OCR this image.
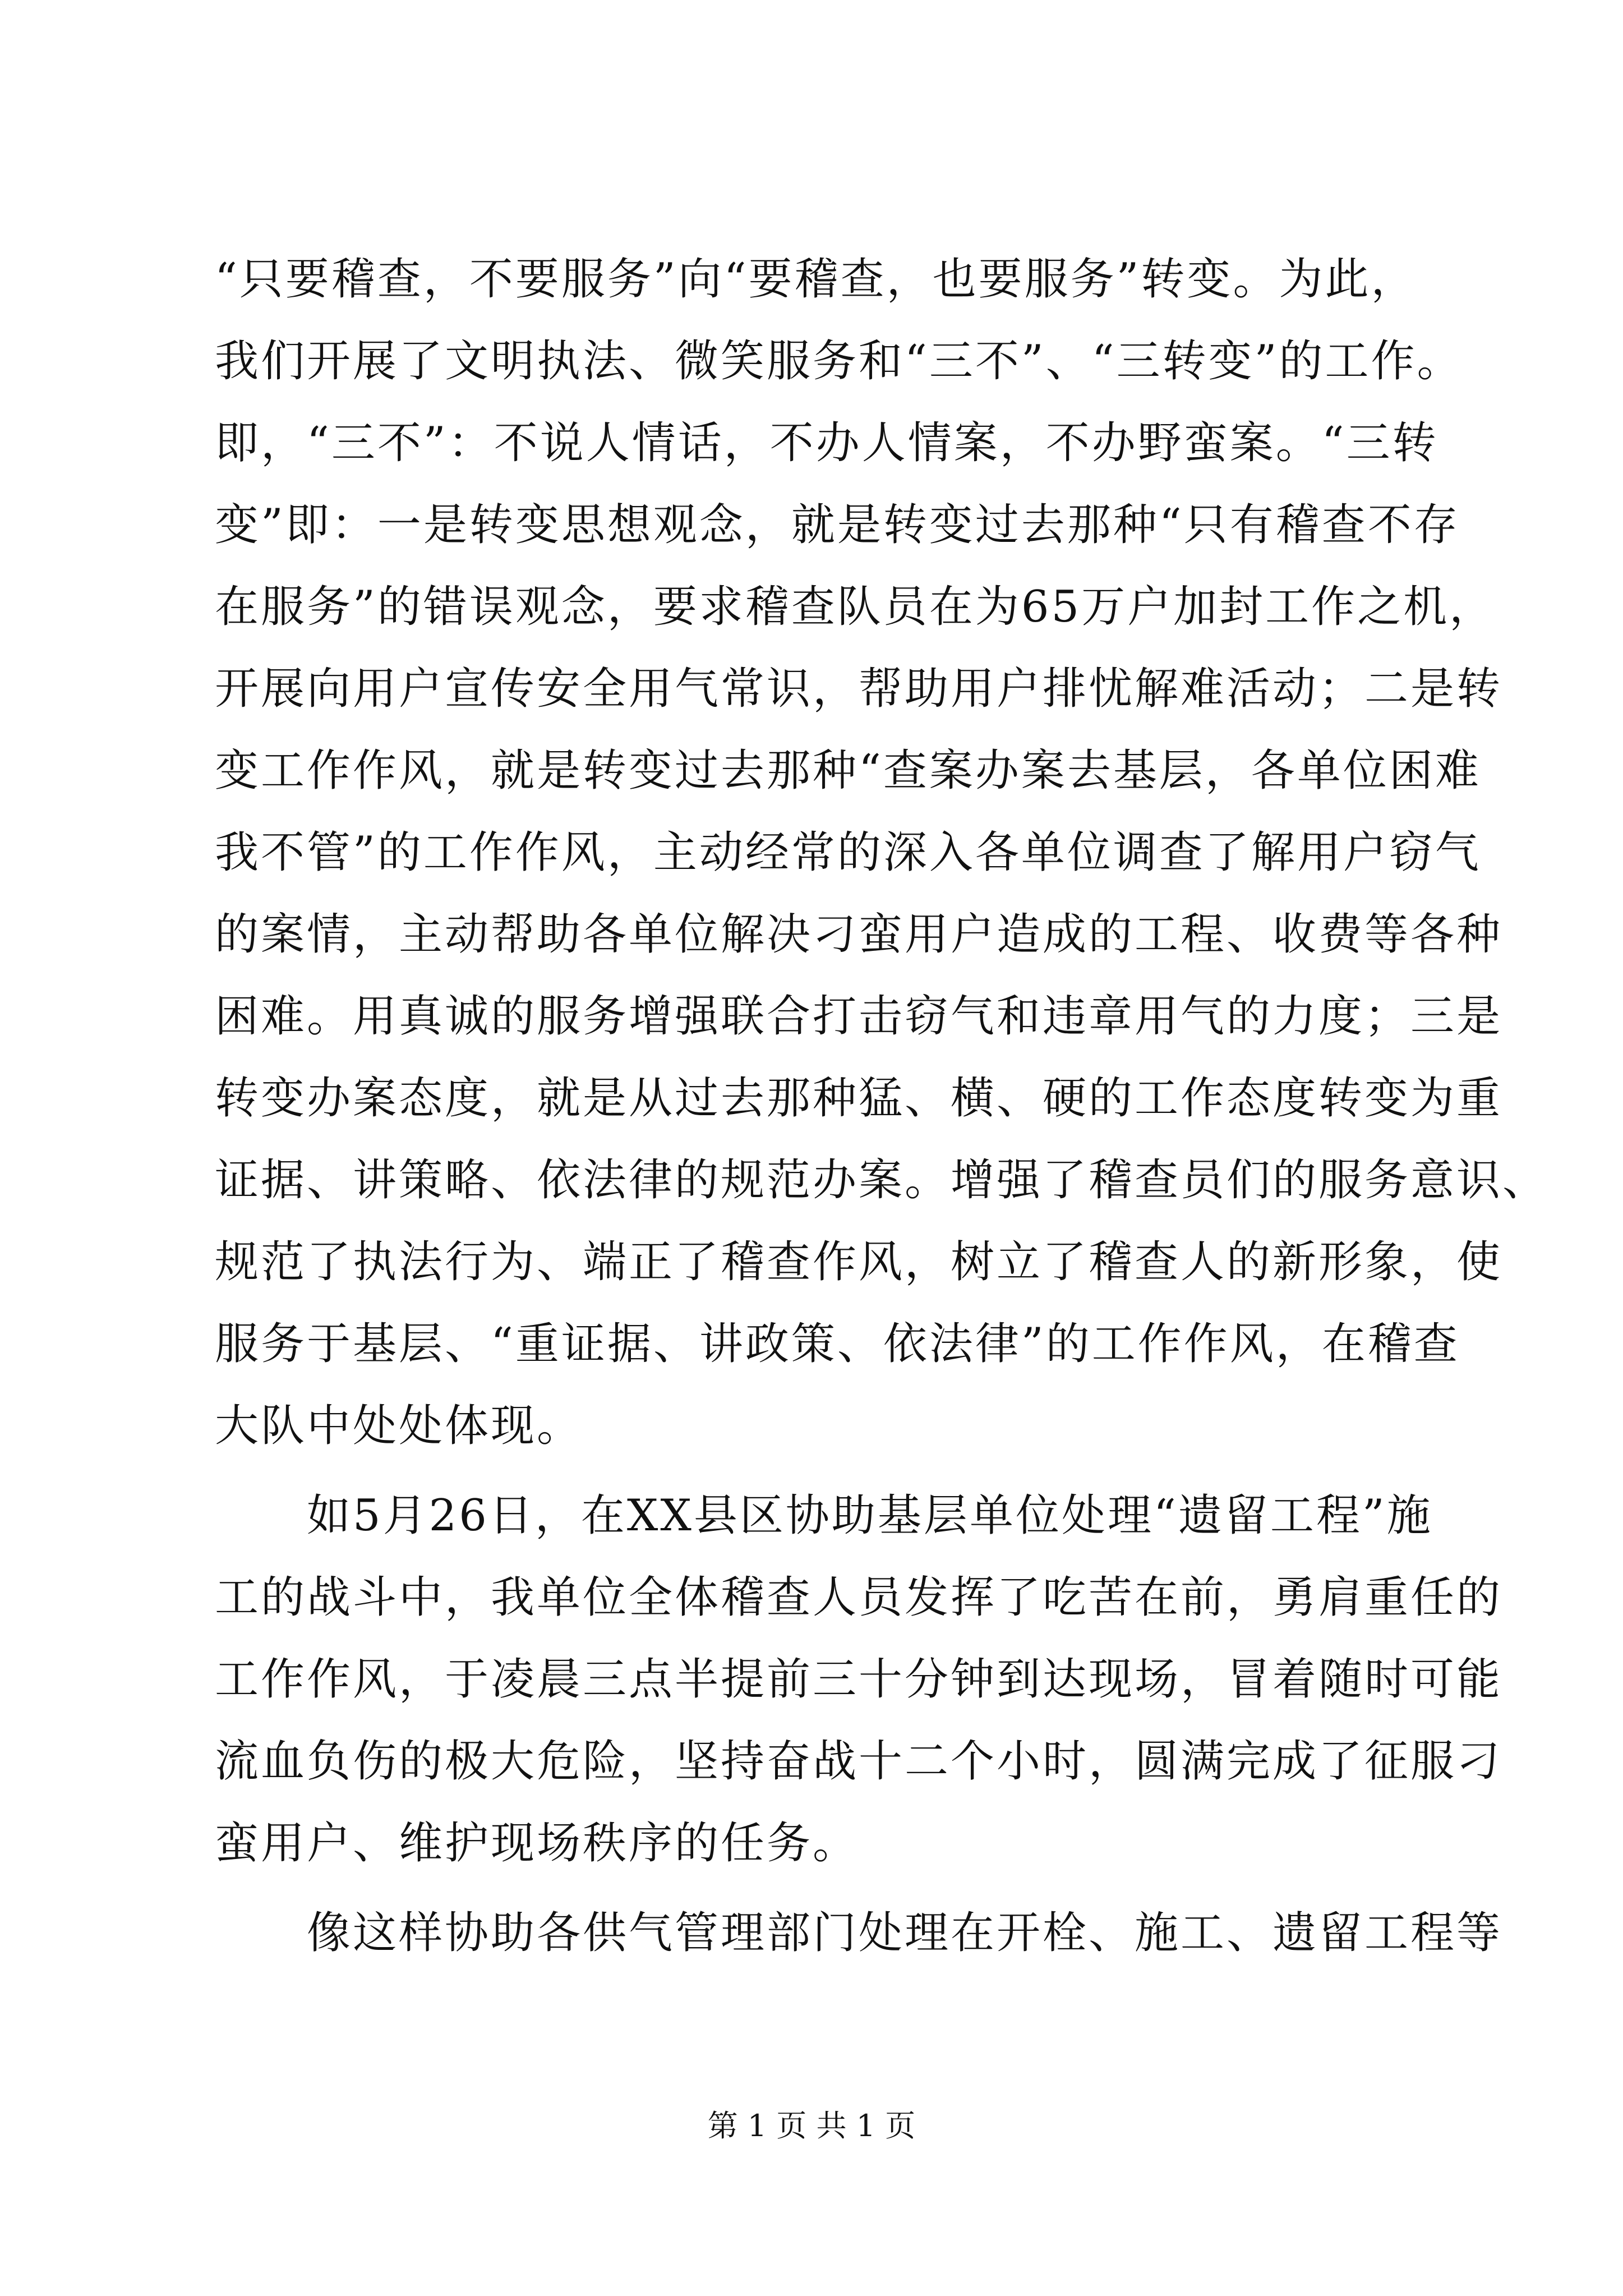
“只要稽查，不要服务”向“要稽查，也要服务”转变。为此，
我们开展了文明执法、微笑服务和“三不”、“三转变”的工作。
即，“三不”：不说人情话，不办人情案，不办野蛮案。“三转
变”即：一是转变思想观念，就是转变过去那种“只有稽查不存
在服务”的错误观念，要求稽查队员在为65万户加封工作之机，
开展向用户宣传安全用气常识，帮助用户排忧解难活动；二是转
变工作作风，就是转变过去那种“查案办案去基层，各单位困难
我不管”的工作作风，主动经常的深入各单位调查了解用户窃气
的案情，主动帮助各单位解决刁蛮用户造成的工程、收费等各种
困难。用真诚的服务增强联合打击窃气和违章用气的力度；三是
转变办案态度，就是从过去那种猛、横、硬的工作态度转变为重
证据、讲策略、依法律的规范办案。增强了稽查员们的服务意识、
规范了执法行为、端正了稽查作风，树立了稽查人的新形象，使
服务于基层、“重证据、讲政策、依法律”的工作作风，在稽查
大队中处处体现。
　　如5月26日，在XX县区协助基层单位处理“遗留工程”施
工的战斗中，我单位全体稽查人员发挥了吃苦在前，勇肩重任的
工作作风，于凌晨三点半提前三十分钟到达现场，冒着随时可能
流血负伤的极大危险，坚持奋战十二个小时，圆满完成了征服刁
蛮用户、维护现场秩序的任务。
　　像这样协助各供气管理部门处理在开栓、施工、遗留工程等
第 1 页 共 1 页
